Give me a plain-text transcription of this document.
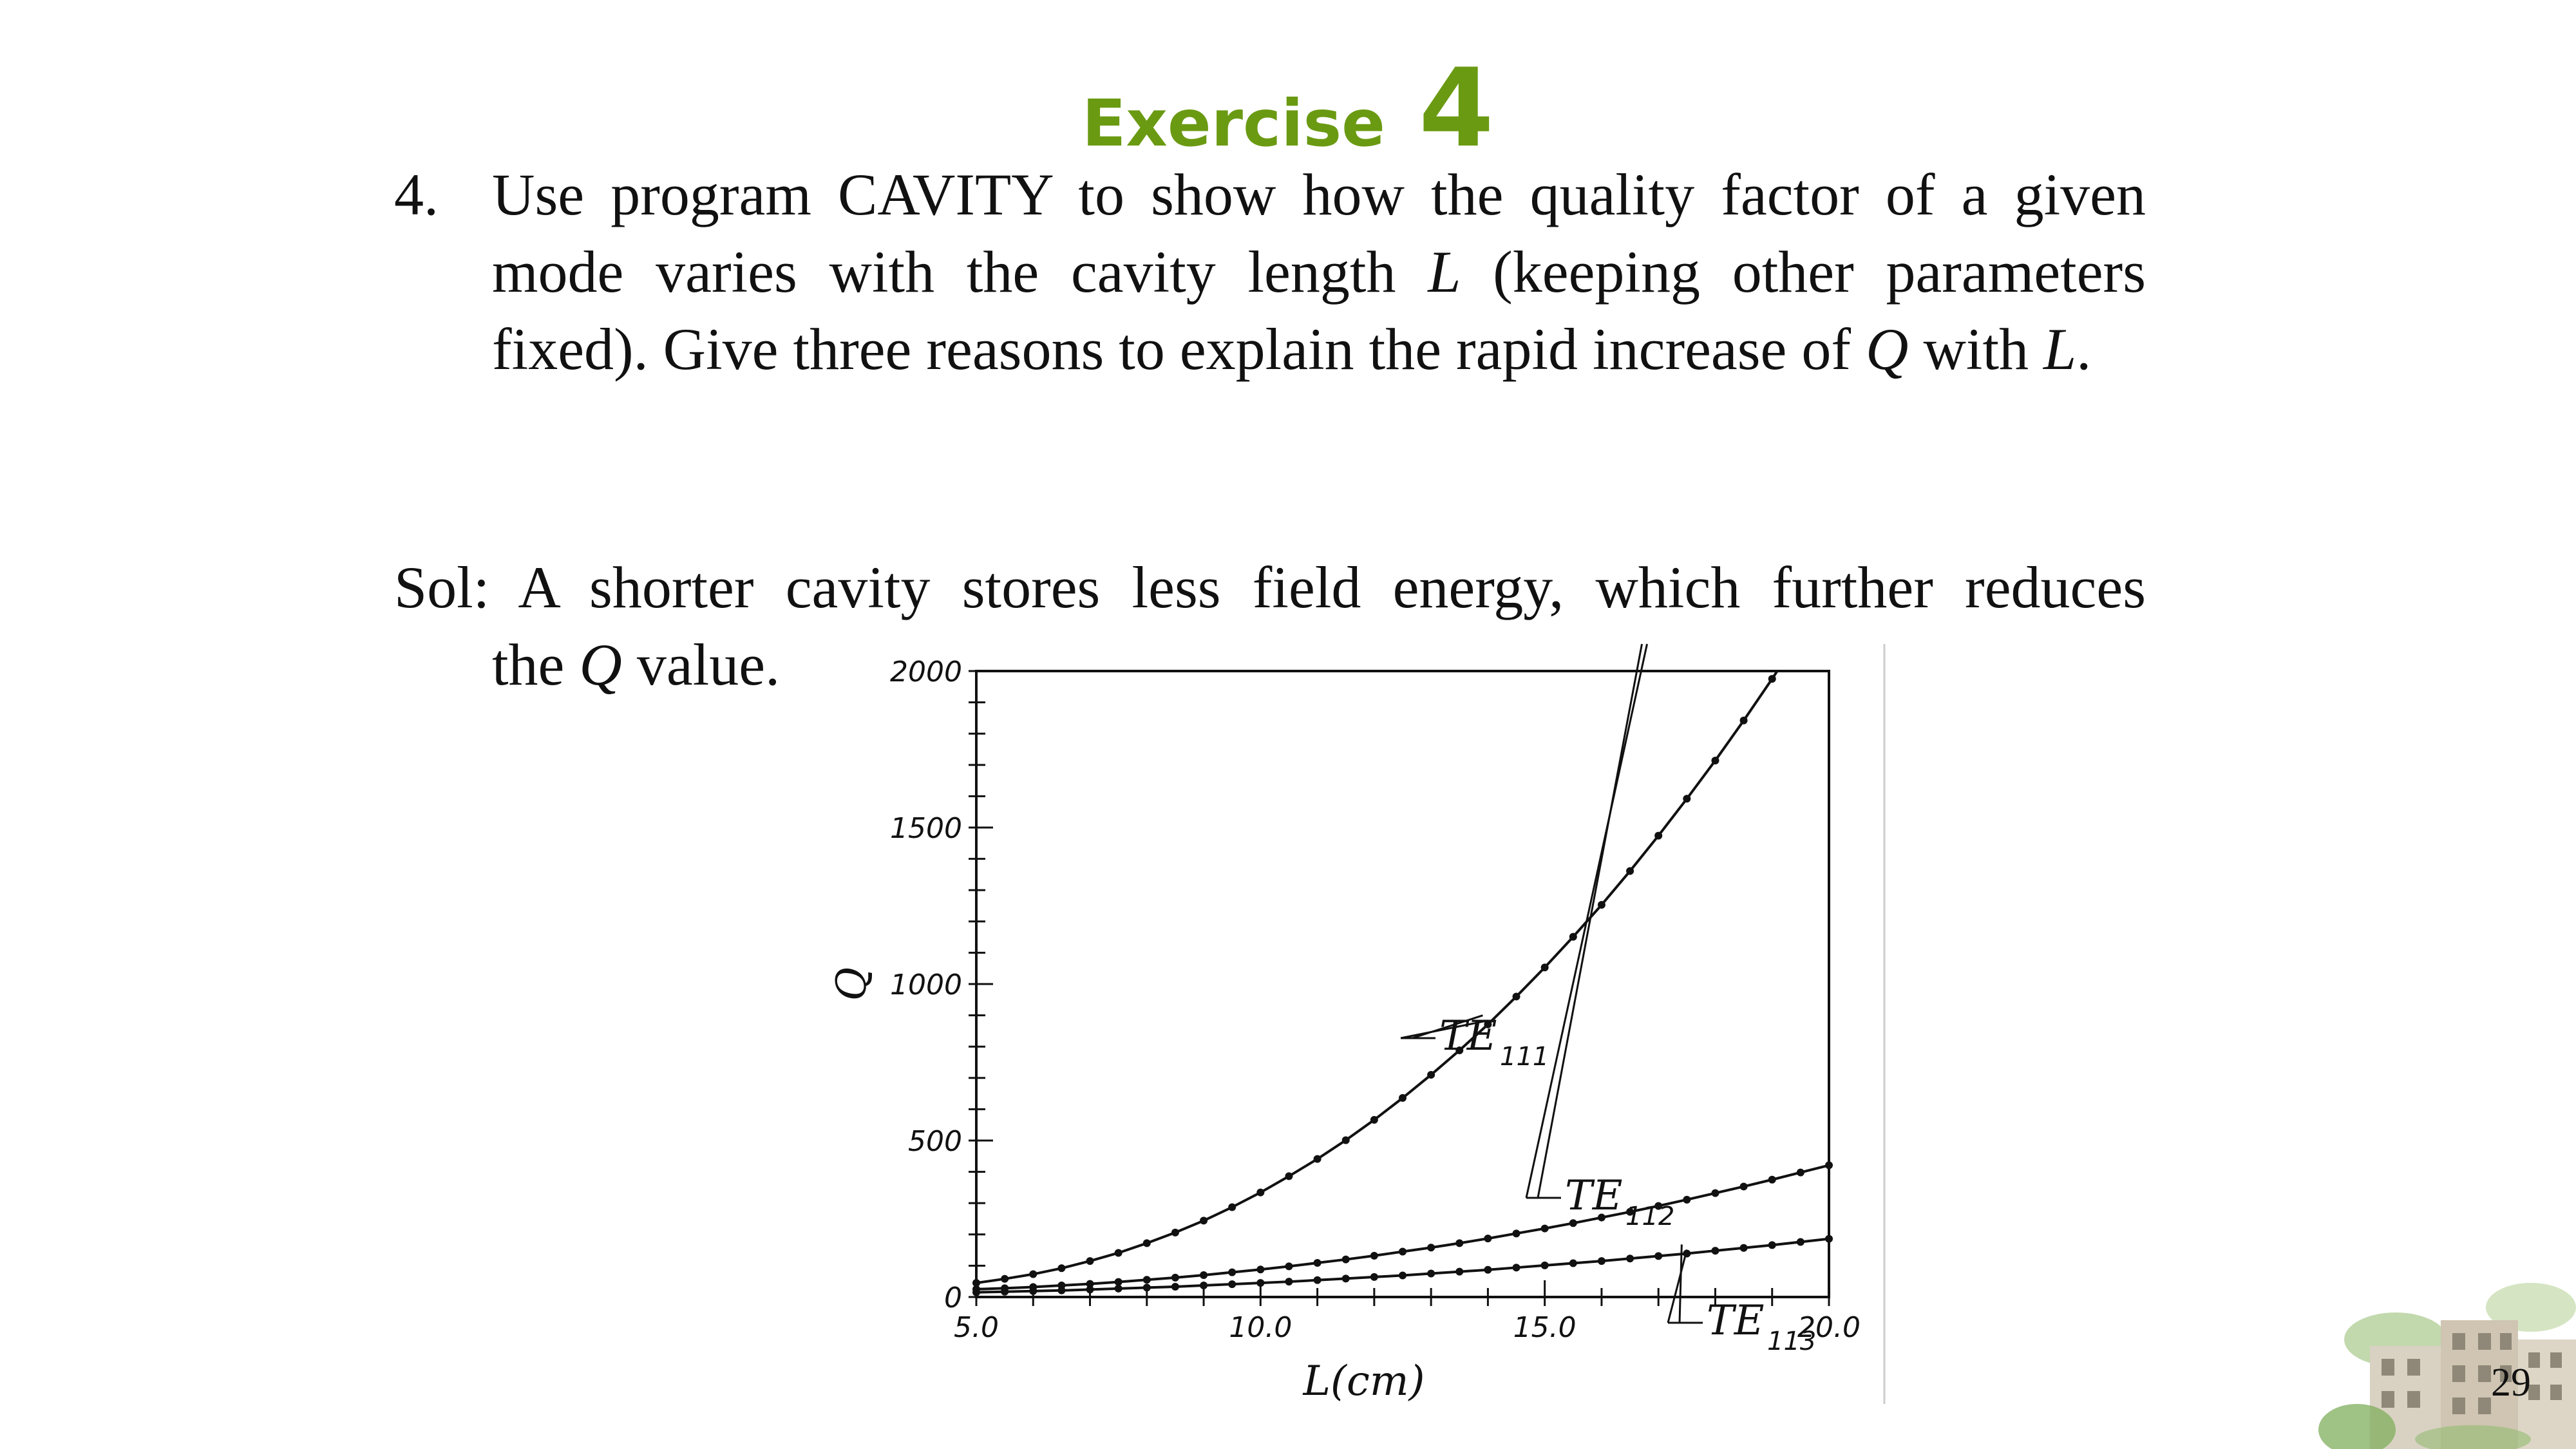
Exercise 4
4. Use program CAVITY to show how the quality factor of a given mode varies with the cavity length L (keeping other parameters fixed). Give three reasons to explain the rapid increase of Q with L.
Sol: A shorter cavity stores less field energy, which further reduces
the Q value.
5.0	10.0	15.0	20.0
0
500
1000
1500
2000
L(cm)
Q
TE 111
TE 112
TE 113
29
